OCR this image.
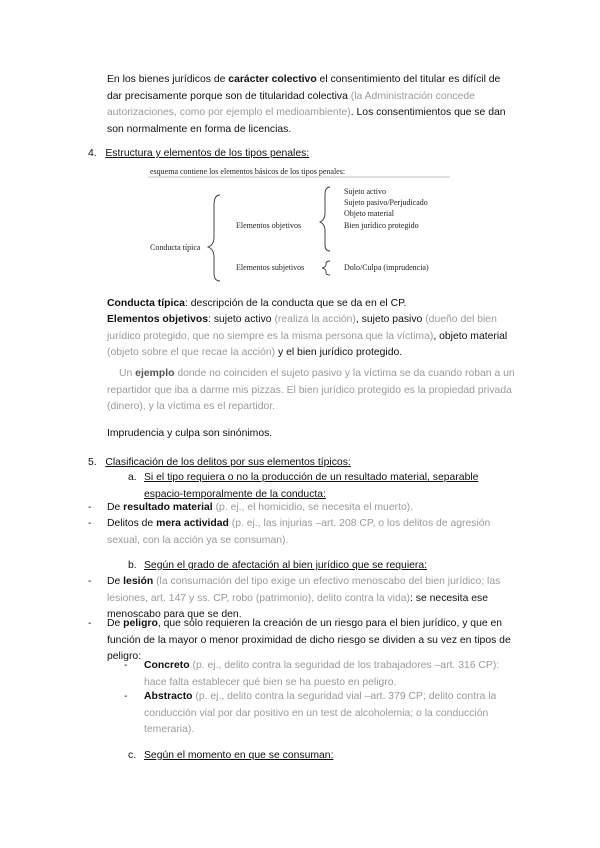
En los bienes jurídicos de carácter colectivo el consentimiento del titular es difícil de dar precisamente porque son de titularidad colectiva (la Administración concede autorizaciones, como por ejemplo el medioambiente). Los consentimientos que se dan son normalmente en forma de licencias.
4. Estructura y elementos de los tipos penales:
esquema contiene los elementos básicos de los tipos penales:
Conducta típica
Elementos objetivos
Elementos subjetivos
Sujeto activo
Sujeto pasivo/Perjudicado
Objeto material
Bien jurídico protegido
Dolo/Culpa (imprudencia)
Conducta típica: descripción de la conducta que se da en el CP.
Elementos objetivos: sujeto activo (realiza la acción), sujeto pasivo (dueño del bien jurídico protegido, que no siempre es la misma persona que la víctima), objeto material (objeto sobre el que recae la acción) y el bien jurídico protegido.
Un ejemplo donde no coinciden el sujeto pasivo y la víctima se da cuando roban a un repartidor que iba a darme mis pizzas. El bien jurídico protegido es la propiedad privada (dinero), y la víctima es el repartidor.
Imprudencia y culpa son sinónimos.
5. Clasificación de los delitos por sus elementos típicos:
a. Si el tipo requiera o no la producción de un resultado material, separable espacio-temporalmente de la conducta:
- De resultado material (p. ej., el homicidio, se necesita el muerto).
- Delitos de mera actividad (p. ej., las injurias –art. 208 CP, o los delitos de agresión sexual, con la acción ya se consuman).
b. Según el grado de afectación al bien jurídico que se requiera:
- De lesión (la consumación del tipo exige un efectivo menoscabo del bien jurídico; las lesiones, art. 147 y ss. CP, robo (patrimonio), delito contra la vida): se necesita ese menoscabo para que se den.
- De peligro, que sólo requieren la creación de un riesgo para el bien jurídico, y que en función de la mayor o menor proximidad de dicho riesgo se dividen a su vez en tipos de peligro:
- Concreto (p. ej., delito contra la seguridad de los trabajadores –art. 316 CP): hace falta establecer qué bien se ha puesto en peligro.
- Abstracto (p. ej., delito contra la seguridad vial –art. 379 CP; delito contra la conducción vial por dar positivo en un test de alcoholemia; o la conducción temeraria).
c. Según el momento en que se consuman:
